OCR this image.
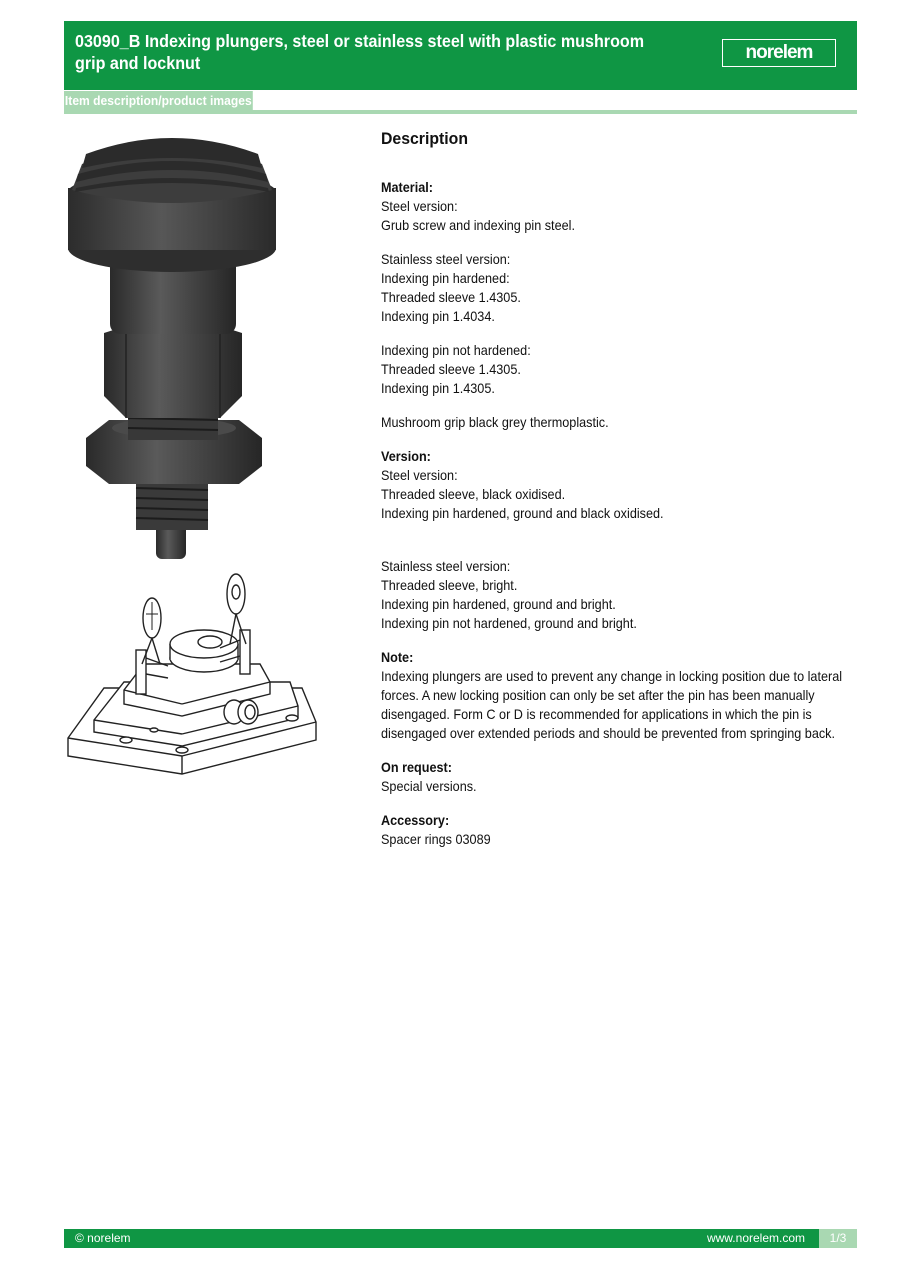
03090_B Indexing plungers, steel or stainless steel with plastic mushroom grip and locknut	norelem
Item description/product images
Description
Material:
Steel version:
Grub screw and indexing pin steel.
Stainless steel version:
Indexing pin hardened:
Threaded sleeve 1.4305.
Indexing pin 1.4034.
Indexing pin not hardened:
Threaded sleeve 1.4305.
Indexing pin 1.4305.
Mushroom grip black grey thermoplastic.
Version:
Steel version:
Threaded sleeve, black oxidised.
Indexing pin hardened, ground and black oxidised.
Stainless steel version:
Threaded sleeve, bright.
Indexing pin hardened, ground and bright.
Indexing pin not hardened, ground and bright.
Note:
Indexing plungers are used to prevent any change in locking position due to lateral
forces. A new locking position can only be set after the pin has been manually
disengaged. Form C or D is recommended for applications in which the pin is
disengaged over extended periods and should be prevented from springing back.
On request:
Special versions.
Accessory:
Spacer rings 03089
© norelem	www.norelem.com	1/3
